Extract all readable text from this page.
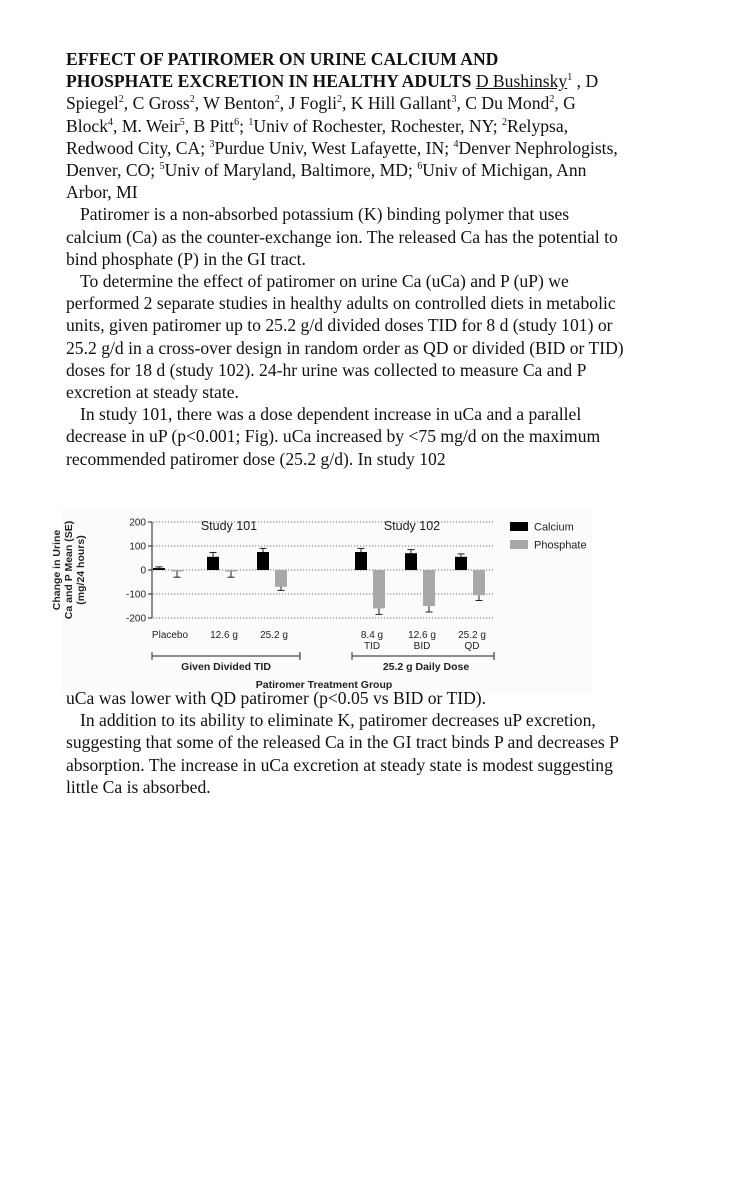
EFFECT OF PATIROMER ON URINE CALCIUM AND
PHOSPHATE EXCRETION IN HEALTHY ADULTS D Bushinsky$^1$ , D Spiegel$^2$, C Gross$^2$, W Benton$^2$, J Fogli$^2$, K Hill Gallant$^3$, C Du Mond$^2$, G Block$^4$, M. Weir$^5$, B Pitt$^6$; $^1$Univ of Rochester, Rochester, NY; $^2$Relypsa, Redwood City, CA; $^3$Purdue Univ, West Lafayette, IN; $^4$Denver Nephrologists, Denver, CO; $^5$Univ of Maryland, Baltimore, MD; $^6$Univ of Michigan, Ann Arbor, MI

Patiromer is a non-absorbed potassium (K) binding polymer that uses calcium (Ca) as the counter-exchange ion. The released Ca has the potential to bind phosphate (P) in the GI tract.

To determine the effect of patiromer on urine Ca (uCa) and P (uP) we performed 2 separate studies in healthy adults on controlled diets in metabolic units, given patiromer up to 25.2 g/d divided doses TID for 8 d (study 101) or 25.2 g/d in a cross-over design in random order as QD or divided (BID or TID) doses for 18 d (study 102). 24-hr urine was collected to measure Ca and P excretion at steady state.

In study 101, there was a dose dependent increase in uCa and a parallel decrease in uP (p<0.001; Fig). uCa increased by <75 mg/d on the maximum recommended patiromer dose (25.2 g/d). In study 102

200
100
0
-100
-200
Change in UrineCa and P Mean (SE)(mg/24 hours)
Study 101	Study 102
Placebo 12.6 g 25.2 g	8.4 g
TID
12.6 g
BID
25.2 g
QD
Given Divided TID	25.2 g Daily Dose
Patiromer Treatment Group
Calcium
Phosphate

uCa was lower with QD patiromer (p<0.05 vs BID or TID).

In addition to its ability to eliminate K, patiromer decreases uP excretion, suggesting that some of the released Ca in the GI tract binds P and decreases P absorption. The increase in uCa excretion at steady state is modest suggesting little Ca is absorbed.
